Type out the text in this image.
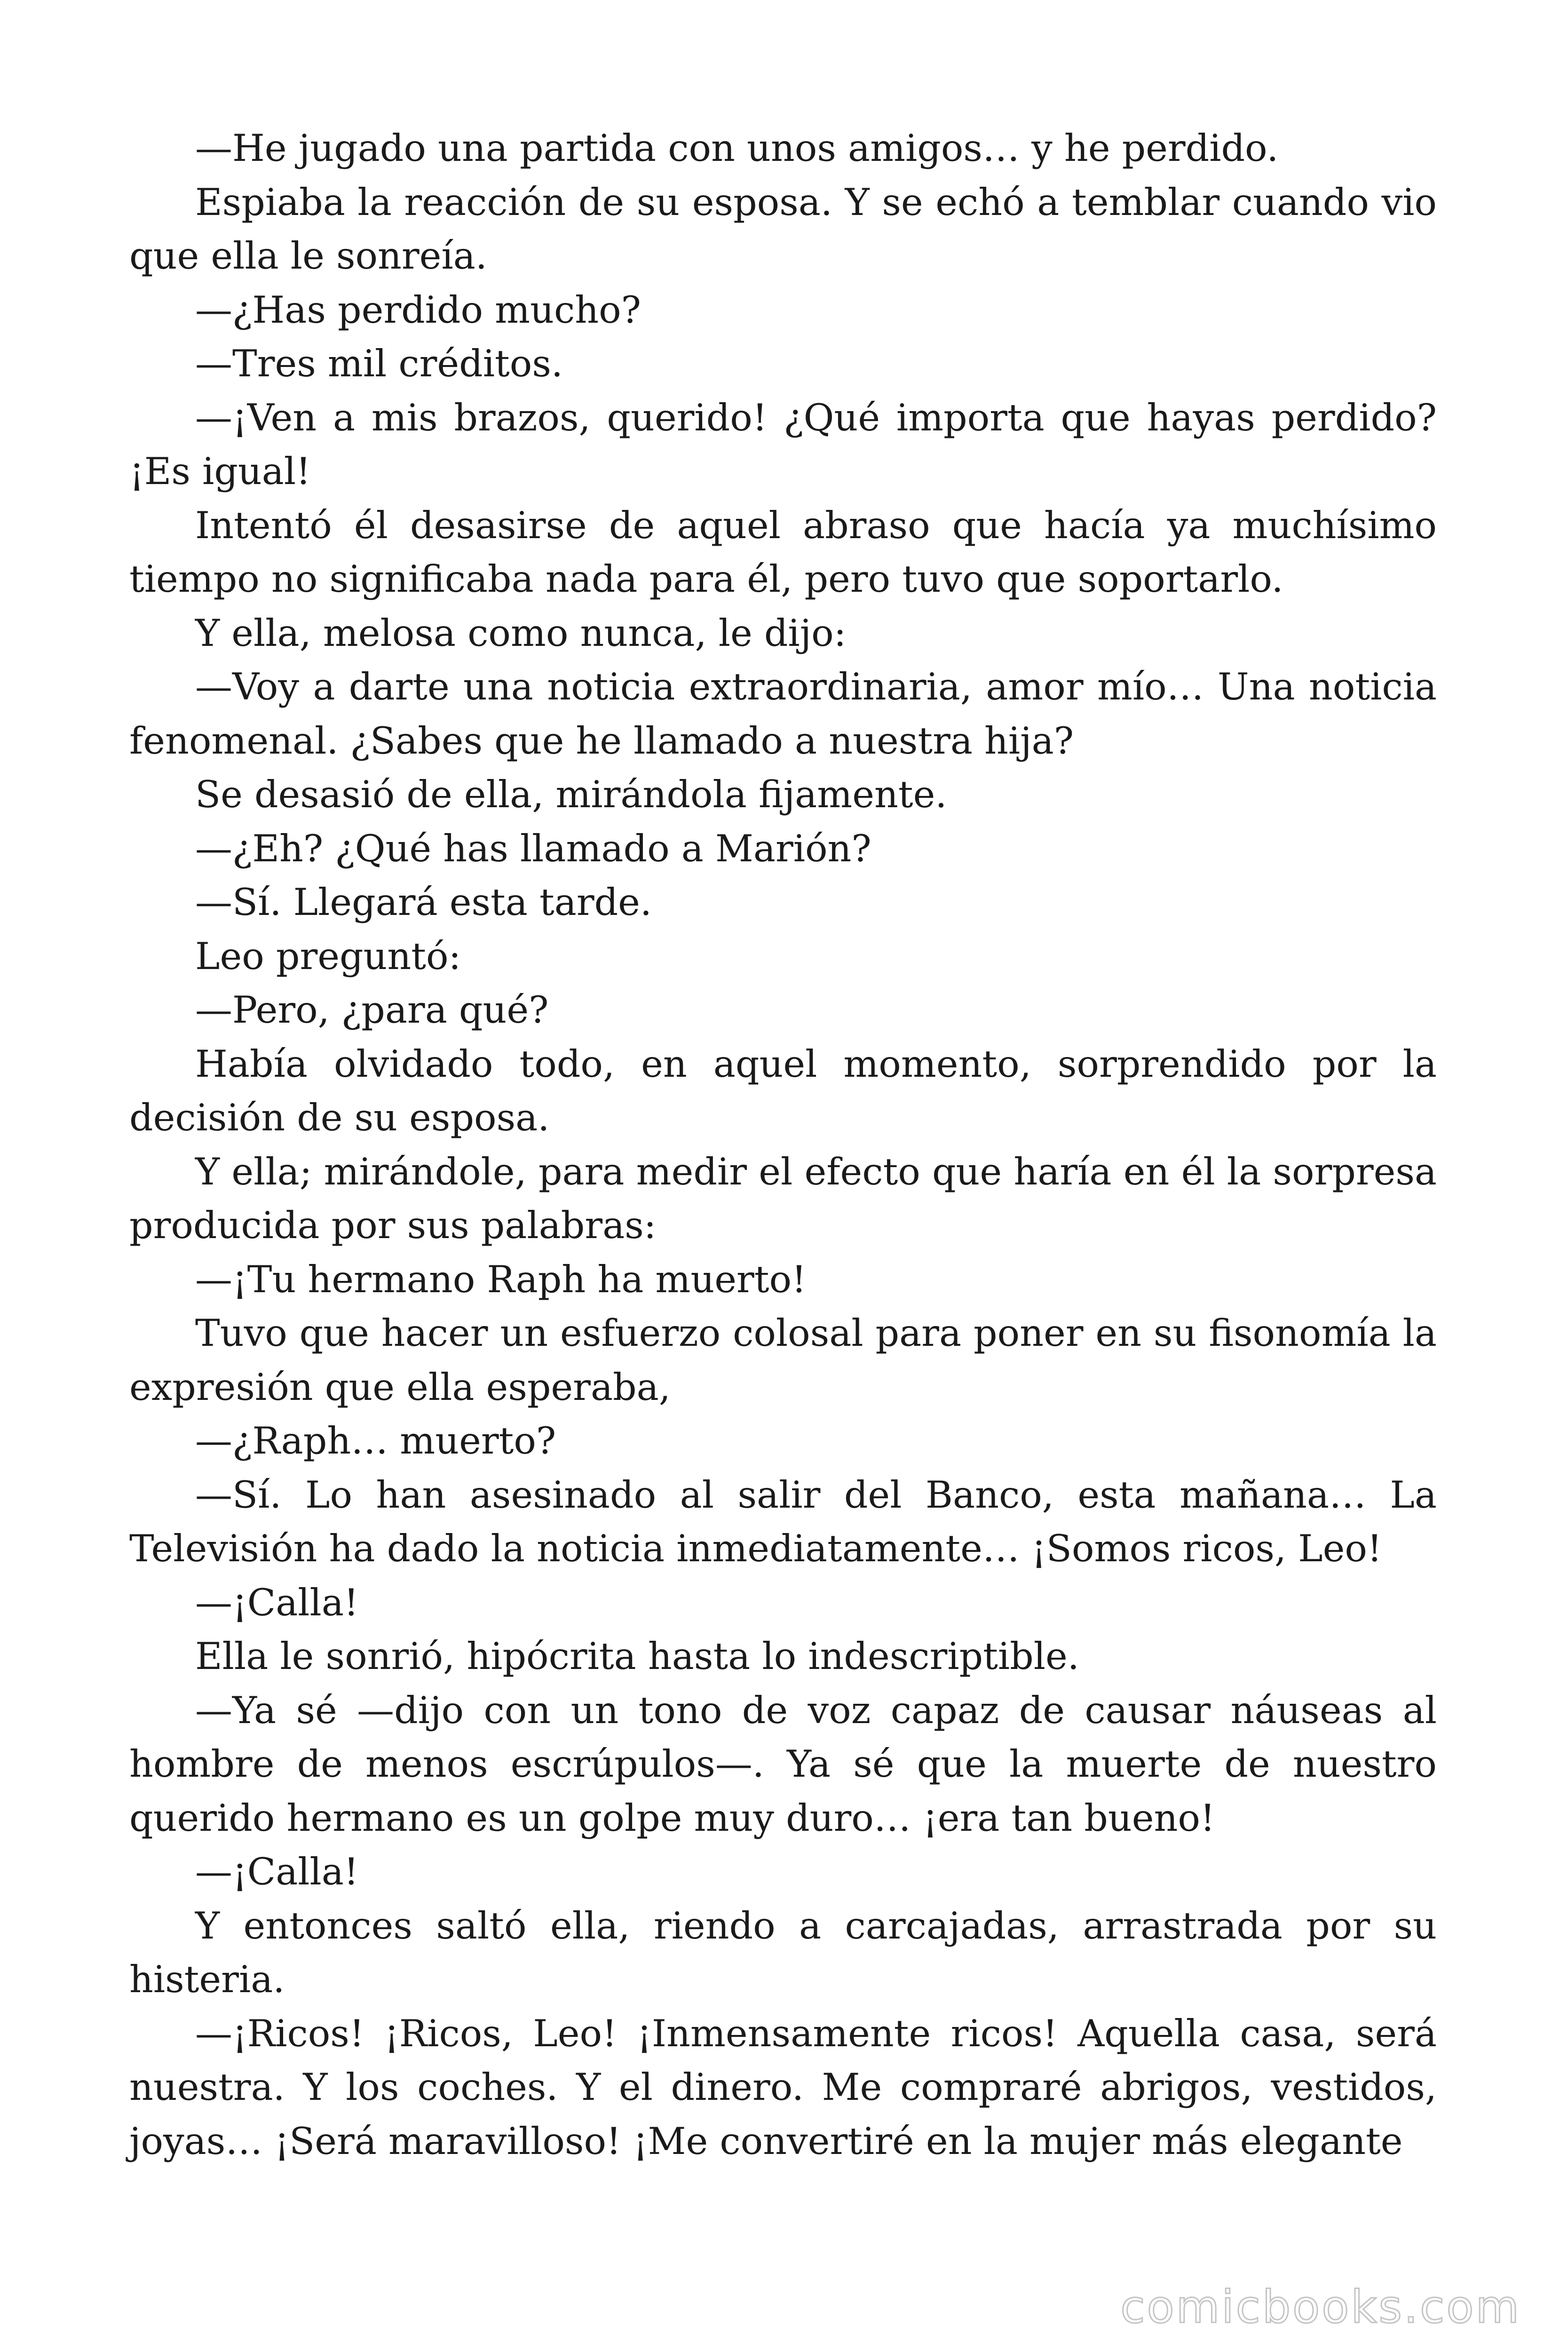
—He jugado una partida con unos amigos… y he perdido.

Espiaba la reacción de su esposa. Y se echó a temblar cuando vio que ella le sonreía.

—¿Has perdido mucho?

—Tres mil créditos.

—¡Ven a mis brazos, querido! ¿Qué importa que hayas perdido? ¡Es igual!

Intentó él desasirse de aquel abraso que hacía ya muchísimo tiempo no significaba nada para él, pero tuvo que soportarlo.

Y ella, melosa como nunca, le dijo:

—Voy a darte una noticia extraordinaria, amor mío… Una noticia fenomenal. ¿Sabes que he llamado a nuestra hija?

Se desasió de ella, mirándola fijamente.

—¿Eh? ¿Qué has llamado a Marión?

—Sí. Llegará esta tarde.

Leo preguntó:

—Pero, ¿para qué?

Había olvidado todo, en aquel momento, sorprendido por la decisión de su esposa.

Y ella; mirándole, para medir el efecto que haría en él la sorpresa producida por sus palabras:

—¡Tu hermano Raph ha muerto!

Tuvo que hacer un esfuerzo colosal para poner en su fisonomía la expresión que ella esperaba,

—¿Raph… muerto?

—Sí. Lo han asesinado al salir del Banco, esta mañana… La Televisión ha dado la noticia inmediatamente… ¡Somos ricos, Leo!

—¡Calla!

Ella le sonrió, hipócrita hasta lo indescriptible.

—Ya sé —dijo con un tono de voz capaz de causar náuseas al hombre de menos escrúpulos—. Ya sé que la muerte de nuestro querido hermano es un golpe muy duro… ¡era tan bueno!

—¡Calla!

Y entonces saltó ella, riendo a carcajadas, arrastrada por su histeria.

—¡Ricos! ¡Ricos, Leo! ¡Inmensamente ricos! Aquella casa, será nuestra. Y los coches. Y el dinero. Me compraré abrigos, vestidos, joyas… ¡Será maravilloso! ¡Me convertiré en la mujer más elegante

comicbooks.com
